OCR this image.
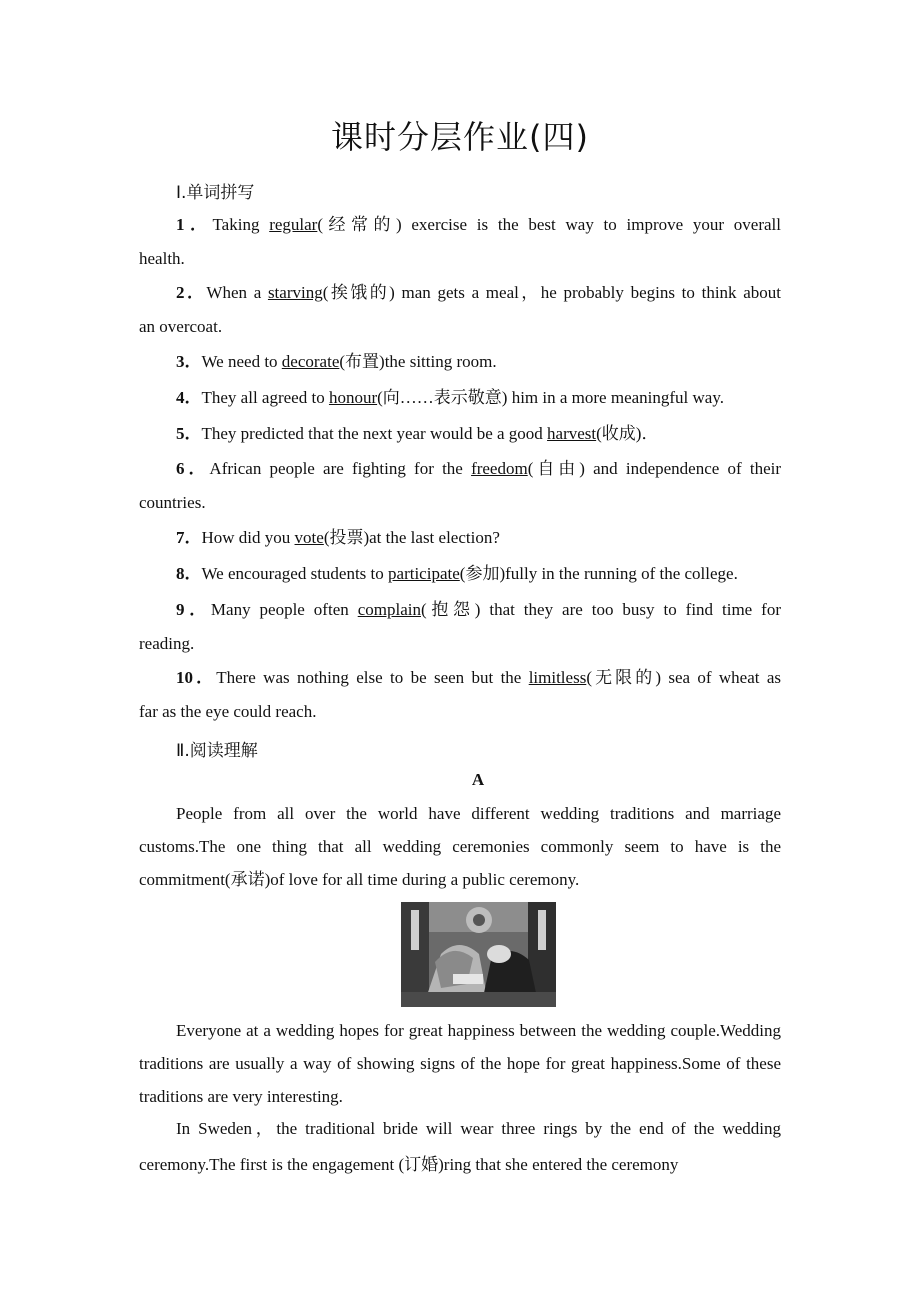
课时分层作业(四)
Ⅰ.单词拼写
1．Taking regular(经常的) exercise is the best way to improve your overall
health.
2．When a starving(挨饿的) man gets a meal，he probably begins to think about
an overcoat.
3．We need to decorate(布置)the sitting room.
4．They all agreed to honour(向……表示敬意) him in a more meaningful way.
5．They predicted that the next year would be a good harvest(收成)．
6．African people are fighting for the freedom(自由) and independence of their
countries.
7．How did you vote(投票)at the last election?
8．We encouraged students to participate(参加)fully in the running of the college.
9．Many people often complain(抱怨) that they are too busy to find time for
reading.
10．There was nothing else to be seen but the limitless(无限的) sea of wheat as
far as the eye could reach.
Ⅱ.阅读理解
A

People from all over the world have different wedding traditions and marriage customs.The one thing that all wedding ceremonies commonly seem to have is the commitment(承诺)of love for all time during a public ceremony.

Everyone at a wedding hopes for great happiness between the wedding couple.Wedding traditions are usually a way of showing signs of the hope for great happiness.Some of these traditions are very interesting.

In Sweden，the traditional bride will wear three rings by the end of the wedding ceremony.The first is the engagement (订婚)ring that she entered the ceremony
